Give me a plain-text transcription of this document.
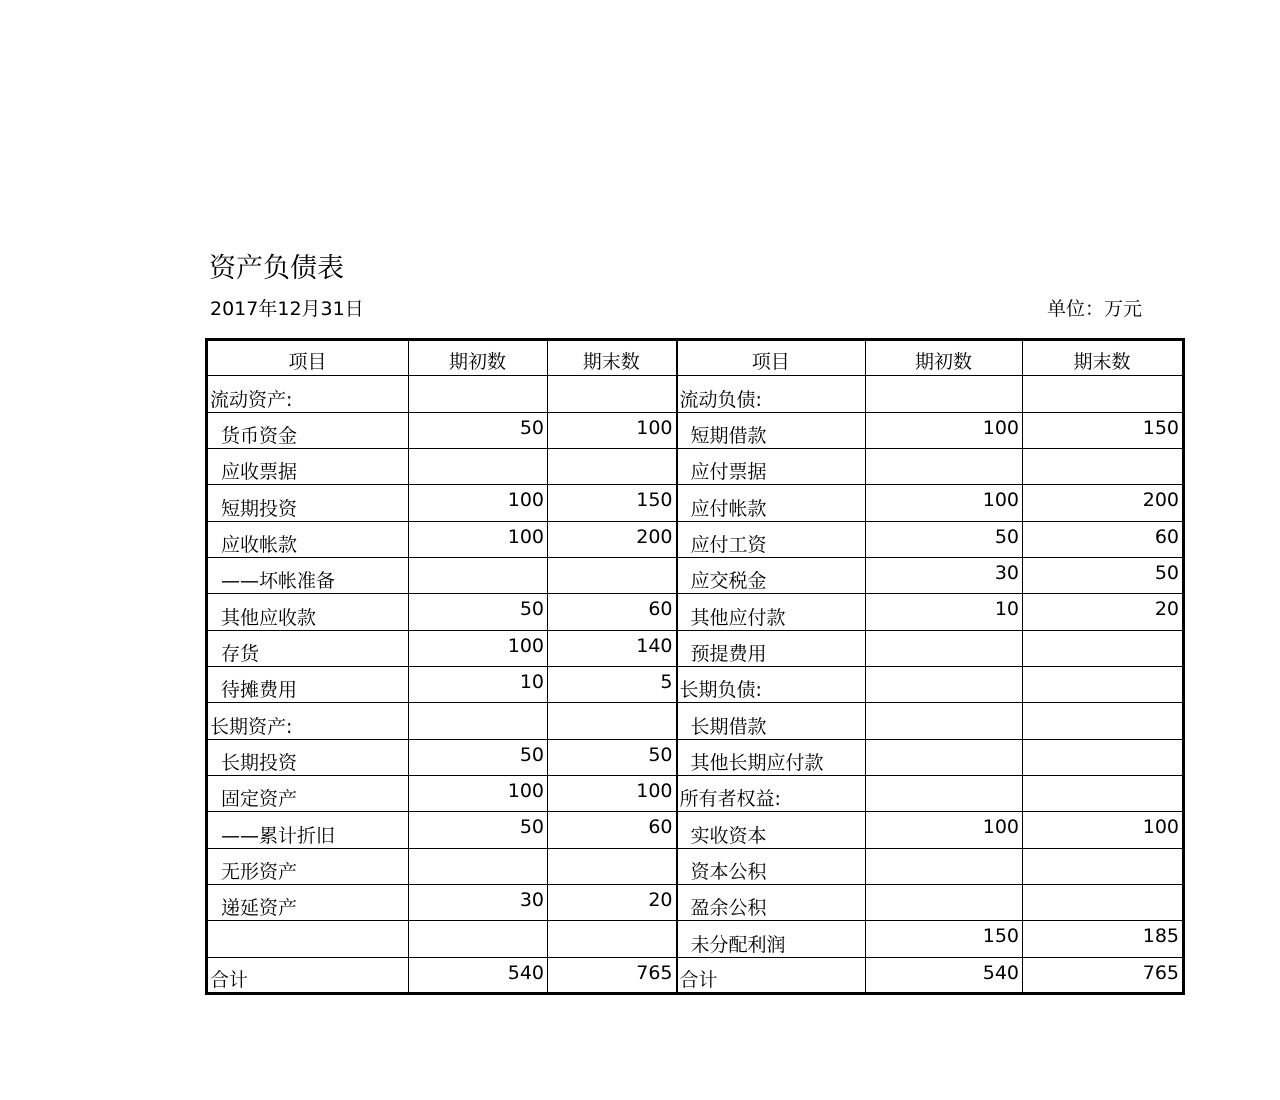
资产负债表
2017年12月31日	单位：万元
项目	期初数	期末数	项目	期初数	期末数
流动资产:			流动负债:		
货币资金	50	100	短期借款	100	150
应收票据			应付票据		
短期投资	100	150	应付帐款	100	200
应收帐款	100	200	应付工资	50	60
——坏帐准备			应交税金	30	50
其他应收款	50	60	其他应付款	10	20
存货	100	140	预提费用		
待摊费用	10	5	长期负债:		
长期资产:			长期借款		
长期投资	50	50	其他长期应付款		
固定资产	100	100	所有者权益:		
——累计折旧	50	60	实收资本	100	100
无形资产			资本公积		
递延资产	30	20	盈余公积		
			未分配利润	150	185
合计	540	765	合计	540	765
